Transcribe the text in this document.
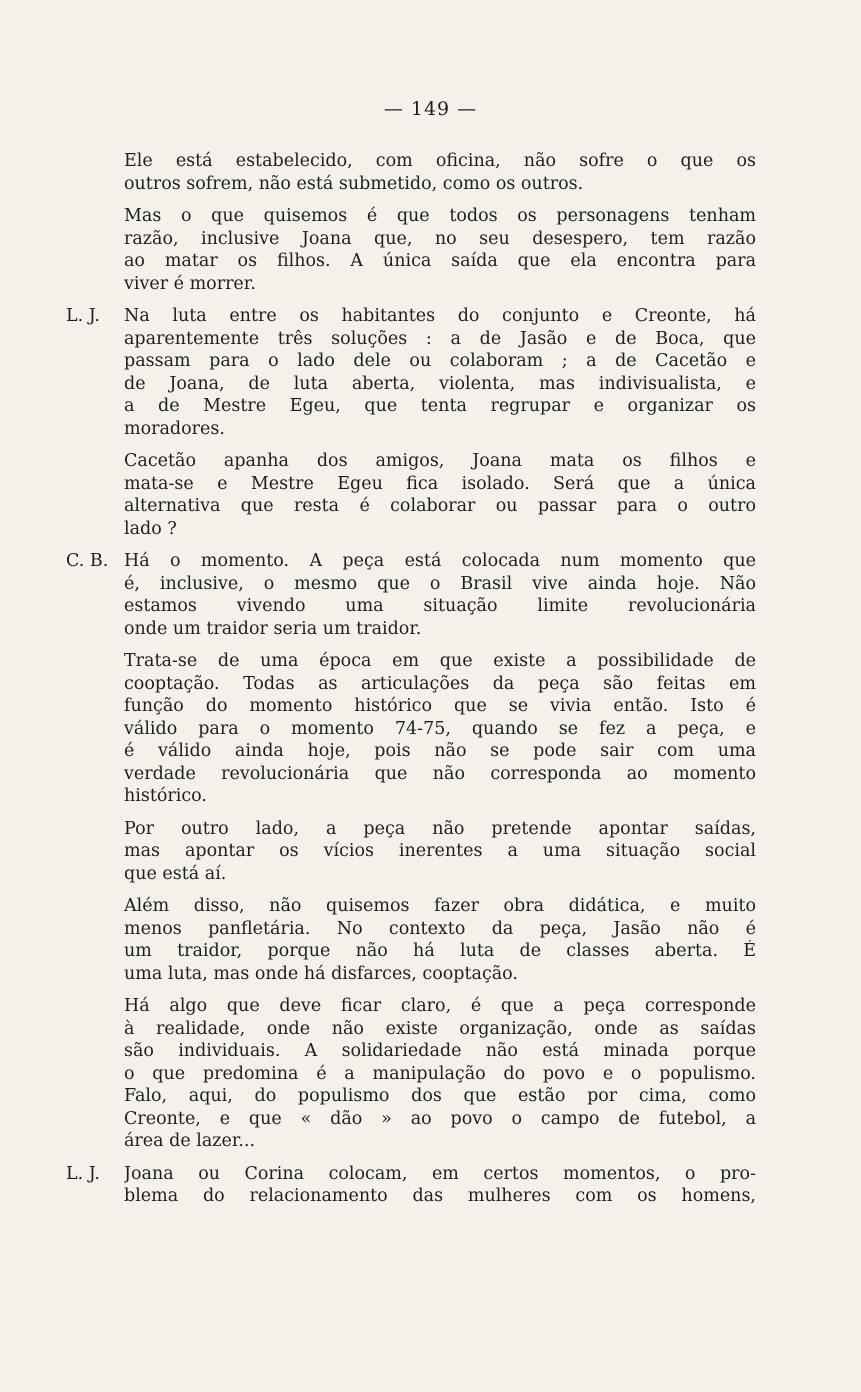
— 149 —
Ele está estabelecido, com oficina, não sofre o que os
outros sofrem, não está submetido, como os outros.
Mas o que quisemos é que todos os personagens tenham
razão, inclusive Joana que, no seu desespero, tem razão
ao matar os filhos. A única saída que ela encontra para
viver é morrer.
L. J.	Na luta entre os habitantes do conjunto e Creonte, há
aparentemente três soluções : a de Jasão e de Boca, que
passam para o lado dele ou colaboram ; a de Cacetão e
de Joana, de luta aberta, violenta, mas indivisualista, e
a de Mestre Egeu, que tenta regrupar e organizar os
moradores.
Cacetão apanha dos amigos, Joana mata os filhos e
mata-se e Mestre Egeu fica isolado. Será que a única
alternativa que resta é colaborar ou passar para o outro
lado ?
C. B. Há o momento. A peça está colocada num momento que
é, inclusive, o mesmo que o Brasil vive ainda hoje. Não
estamos vivendo uma situação limite revolucionária
onde um traidor seria um traidor.
Trata-se de uma época em que existe a possibilidade de
cooptação. Todas as articulações da peça são feitas em
função do momento histórico que se vivia então. Isto é
válido para o momento 74-75, quando se fez a peça, e
é válido ainda hoje, pois não se pode sair com uma
verdade revolucionária que não corresponda ao momento
histórico.
Por outro lado, a peça não pretende apontar saídas,
mas apontar os vícios inerentes a uma situação social
que está aí.
Além disso, não quisemos fazer obra didática, e muito
menos panfletária. No contexto da peça, Jasão não é
um traidor, porque não há luta de classes aberta. É
uma luta, mas onde há disfarces, cooptação.
Há algo que deve ficar claro, é que a peça corresponde
à realidade, onde não existe organização, onde as saídas
são individuais. A solidariedade não está minada porque
o que predomina é a manipulação do povo e o populismo.
Falo, aqui, do populismo dos que estão por cima, como
Creonte, e que « dão » ao povo o campo de futebol, a
área de lazer...
L. J.	Joana ou Corina colocam, em certos momentos, o pro-
blema do relacionamento das mulheres com os homens,
